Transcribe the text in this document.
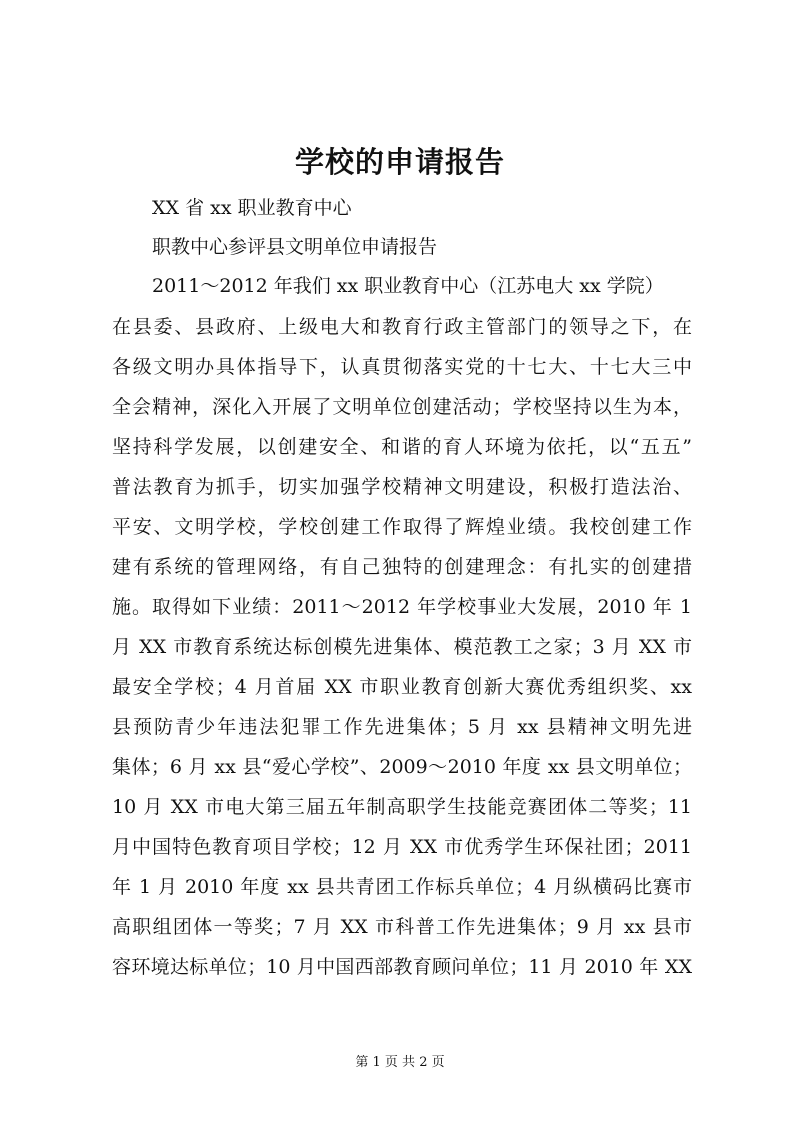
学校的申请报告

XX 省 xx 职业教育中心

职教中心参评县文明单位申请报告

2011～2012 年我们 xx 职业教育中心（江苏电大 xx 学院）

在县委、县政府、上级电大和教育行政主管部门的领导之下，在

各级文明办具体指导下，认真贯彻落实党的十七大、十七大三中

全会精神，深化入开展了文明单位创建活动；学校坚持以生为本，

坚持科学发展，以创建安全、和谐的育人环境为依托，以“五五”

普法教育为抓手，切实加强学校精神文明建设，积极打造法治、

平安、文明学校，学校创建工作取得了辉煌业绩。我校创建工作

建有系统的管理网络，有自己独特的创建理念：有扎实的创建措

施。取得如下业绩：2011～2012 年学校事业大发展，2010 年 1

月 XX 市教育系统达标创模先进集体、模范教工之家；3 月 XX 市

最安全学校；4 月首届 XX 市职业教育创新大赛优秀组织奖、xx

县预防青少年违法犯罪工作先进集体；5 月 xx 县精神文明先进

集体；6 月 xx 县“爱心学校”、2009～2010 年度 xx 县文明单位；

10 月 XX 市电大第三届五年制高职学生技能竞赛团体二等奖；11

月中国特色教育项目学校；12 月 XX 市优秀学生环保社团；2011

年 1 月 2010 年度 xx 县共青团工作标兵单位；4 月纵横码比赛市

高职组团体一等奖；7 月 XX 市科普工作先进集体；9 月 xx 县市

容环境达标单位；10 月中国西部教育顾问单位；11 月 2010 年 XX

第 1 页 共 2 页
